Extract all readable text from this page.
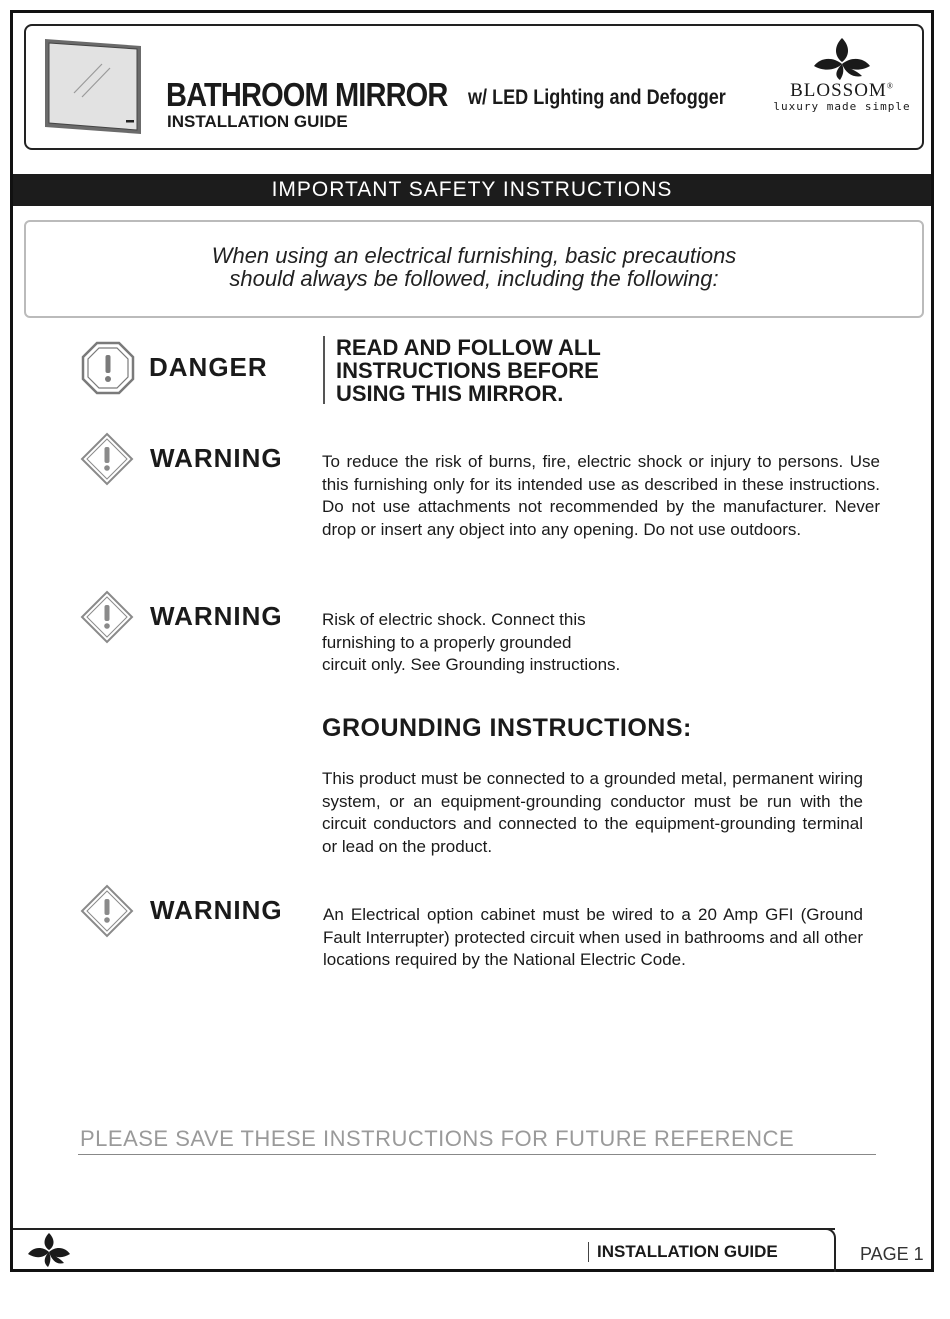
BATHROOM MIRROR w/ LED Lighting and Defogger
INSTALLATION GUIDE
BLOSSOM®
luxury made simple
IMPORTANT SAFETY INSTRUCTIONS
When using an electrical furnishing, basic precautions
should always be followed, including the following:
DANGER
READ AND FOLLOW ALL
INSTRUCTIONS BEFORE
USING THIS MIRROR.
WARNING To reduce the risk of burns, fire, electric shock or injury to persons. Use this furnishing only for its intended use as described in these instructions. Do not use attachments not recommended by the manufacturer. Never drop or insert any object into any opening. Do not use outdoors.
WARNING Risk of electric shock. Connect this
furnishing to a properly grounded
circuit only. See Grounding instructions.
GROUNDING INSTRUCTIONS:
This product must be connected to a grounded metal, permanent wiring system, or an equipment-grounding conductor must be run with the circuit conductors and connected to the equipment-grounding terminal or lead on the product.
WARNING An Electrical option cabinet must be wired to a 20 Amp GFI (Ground Fault Interrupter) protected circuit when used in bathrooms and all other locations required by the National Electric Code.
PLEASE SAVE THESE INSTRUCTIONS FOR FUTURE REFERENCE
INSTALLATION GUIDE	PAGE 1
